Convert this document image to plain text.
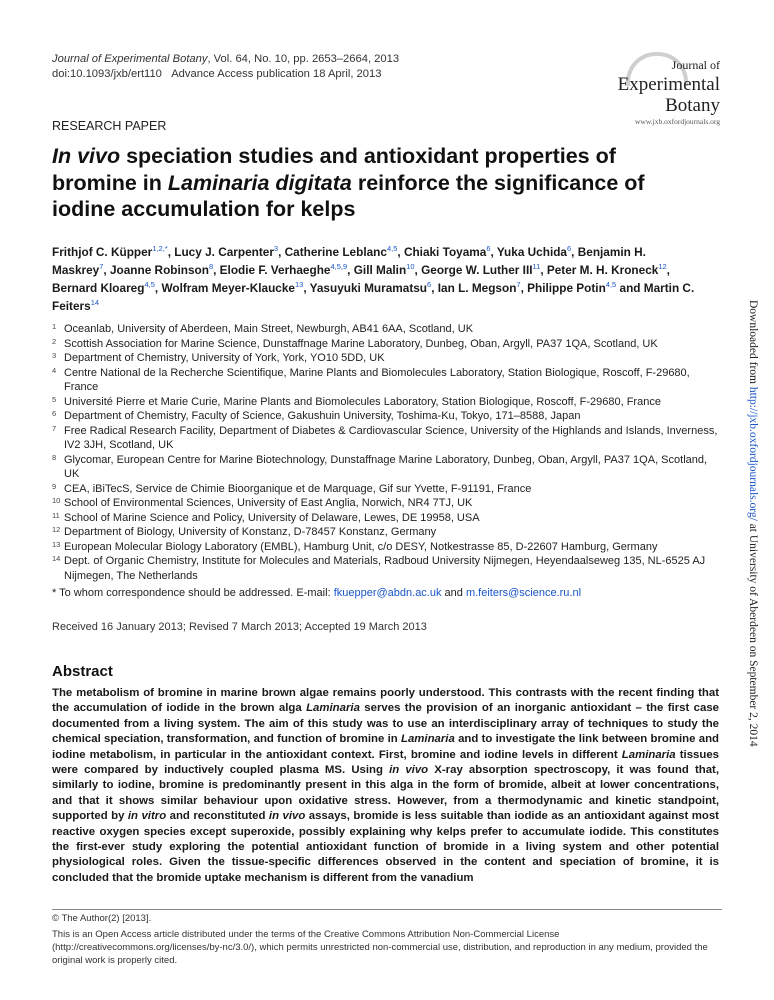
Journal of Experimental Botany, Vol. 64, No. 10, pp. 2653–2664, 2013
doi:10.1093/jxb/ert110 Advance Access publication 18 April, 2013
Journal of
Experimental
Botany
www.jxb.oxfordjournals.org
RESEARCH PAPER
In vivo speciation studies and antioxidant properties of bromine in Laminaria digitata reinforce the significance of iodine accumulation for kelps
Frithjof C. Küpper$^{1,2,*}$, Lucy J. Carpenter$^3$, Catherine Leblanc$^{4,5}$, Chiaki Toyama$^6$, Yuka Uchida$^6$, Benjamin H. Maskrey$^7$, Joanne Robinson$^8$, Elodie F. Verhaeghe$^{4,5,9}$, Gill Malin$^{10}$, George W. Luther III$^{11}$, Peter M. H. Kroneck$^{12}$, Bernard Kloareg$^{4,5}$, Wolfram Meyer-Klaucke$^{13}$, Yasuyuki Muramatsu$^6$, Ian L. Megson$^7$, Philippe Potin$^{4,5}$ and Martin C. Feiters$^{14}$
1 Oceanlab, University of Aberdeen, Main Street, Newburgh, AB41 6AA, Scotland, UK
2 Scottish Association for Marine Science, Dunstaffnage Marine Laboratory, Dunbeg, Oban, Argyll, PA37 1QA, Scotland, UK
3 Department of Chemistry, University of York, York, YO10 5DD, UK
4 Centre National de la Recherche Scientifique, Marine Plants and Biomolecules Laboratory, Station Biologique, Roscoff, F-29680, France
5 Université Pierre et Marie Curie, Marine Plants and Biomolecules Laboratory, Station Biologique, Roscoff, F-29680, France
6 Department of Chemistry, Faculty of Science, Gakushuin University, Toshima-Ku, Tokyo, 171–8588, Japan
7 Free Radical Research Facility, Department of Diabetes & Cardiovascular Science, University of the Highlands and Islands, Inverness, IV2 3JH, Scotland, UK
8 Glycomar, European Centre for Marine Biotechnology, Dunstaffnage Marine Laboratory, Dunbeg, Oban, Argyll, PA37 1QA, Scotland, UK
9 CEA, iBiTecS, Service de Chimie Bioorganique et de Marquage, Gif sur Yvette, F-91191, France
10 School of Environmental Sciences, University of East Anglia, Norwich, NR4 7TJ, UK
11 School of Marine Science and Policy, University of Delaware, Lewes, DE 19958, USA
12 Department of Biology, University of Konstanz, D-78457 Konstanz, Germany
13 European Molecular Biology Laboratory (EMBL), Hamburg Unit, c/o DESY, Notkestrasse 85, D-22607 Hamburg, Germany
14 Dept. of Organic Chemistry, Institute for Molecules and Materials, Radboud University Nijmegen, Heyendaalseweg 135, NL-6525 AJ Nijmegen, The Netherlands
* To whom correspondence should be addressed. E-mail: fkuepper@abdn.ac.uk and m.feiters@science.ru.nl
Received 16 January 2013; Revised 7 March 2013; Accepted 19 March 2013
Abstract
The metabolism of bromine in marine brown algae remains poorly understood. This contrasts with the recent finding that the accumulation of iodide in the brown alga Laminaria serves the provision of an inorganic antioxidant – the first case documented from a living system. The aim of this study was to use an interdisciplinary array of techniques to study the chemical speciation, transformation, and function of bromine in Laminaria and to investigate the link between bromine and iodine metabolism, in particular in the antioxidant context. First, bromine and iodine levels in different Laminaria tissues were compared by inductively coupled plasma MS. Using in vivo X-ray absorption spectroscopy, it was found that, similarly to iodine, bromine is predominantly present in this alga in the form of bromide, albeit at lower concentrations, and that it shows similar behaviour upon oxidative stress. However, from a thermodynamic and kinetic standpoint, supported by in vitro and reconstituted in vivo assays, bromide is less suitable than iodide as an antioxidant against most reactive oxygen species except superoxide, possibly explaining why kelps prefer to accumulate iodide. This constitutes the first-ever study exploring the potential antioxidant function of bromide in a living system and other potential physiological roles. Given the tissue-specific differences observed in the content and speciation of bromine, it is concluded that the bromide uptake mechanism is different from the vanadium
© The Author(2) [2013].
This is an Open Access article distributed under the terms of the Creative Commons Attribution Non-Commercial License (http://creativecommons.org/licenses/by-nc/3.0/), which permits unrestricted non-commercial use, distribution, and reproduction in any medium, provided the original work is properly cited.
Downloaded from http://jxb.oxfordjournals.org/ at University of Aberdeen on September 2, 2014
